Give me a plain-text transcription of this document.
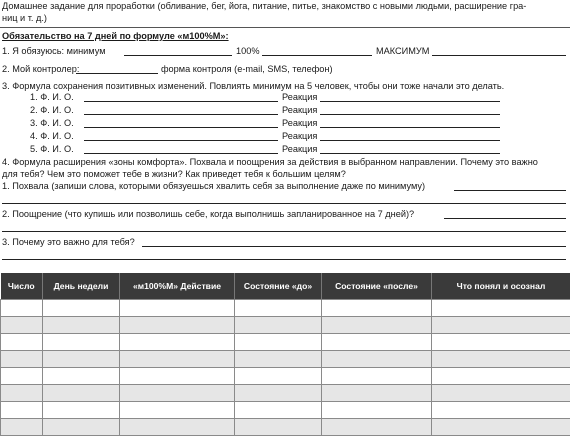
Домашнее задание для проработки (обливание, бег, йога, питание, питье, знакомство с новыми людьми, расширение гра-
ниц и т. д.)
Обязательство на 7 дней по формуле «м100%М»:
1. Я обязуюсь: минимум	100%	МАКСИМУМ
2. Мой контролер:	форма контроля (e-mail, SMS, телефон)
3. Формула сохранения позитивных изменений. Повлиять минимум на 5 человек, чтобы они тоже начали это делать.
1. Ф. И. О.	Реакция
2. Ф. И. О.	Реакция
3. Ф. И. О.	Реакция
4. Ф. И. О.	Реакция
5. Ф. И. О.	Реакция
4. Формула расширения «зоны комфорта». Похвала и поощрения за действия в выбранном направлении. Почему это важно
для тебя? Чем это поможет тебе в жизни? Как приведет тебя к большим целям?
1. Похвала (запиши слова, которыми обязуешься хвалить себя за выполнение даже по минимуму)
2. Поощрение (что купишь или позволишь себе, когда выполнишь запланированное на 7 дней)?
3. Почему это важно для тебя?
Число	День недели	«м100%М» Действие	Состояние «до»	Состояние «после»	Что понял и осознал
